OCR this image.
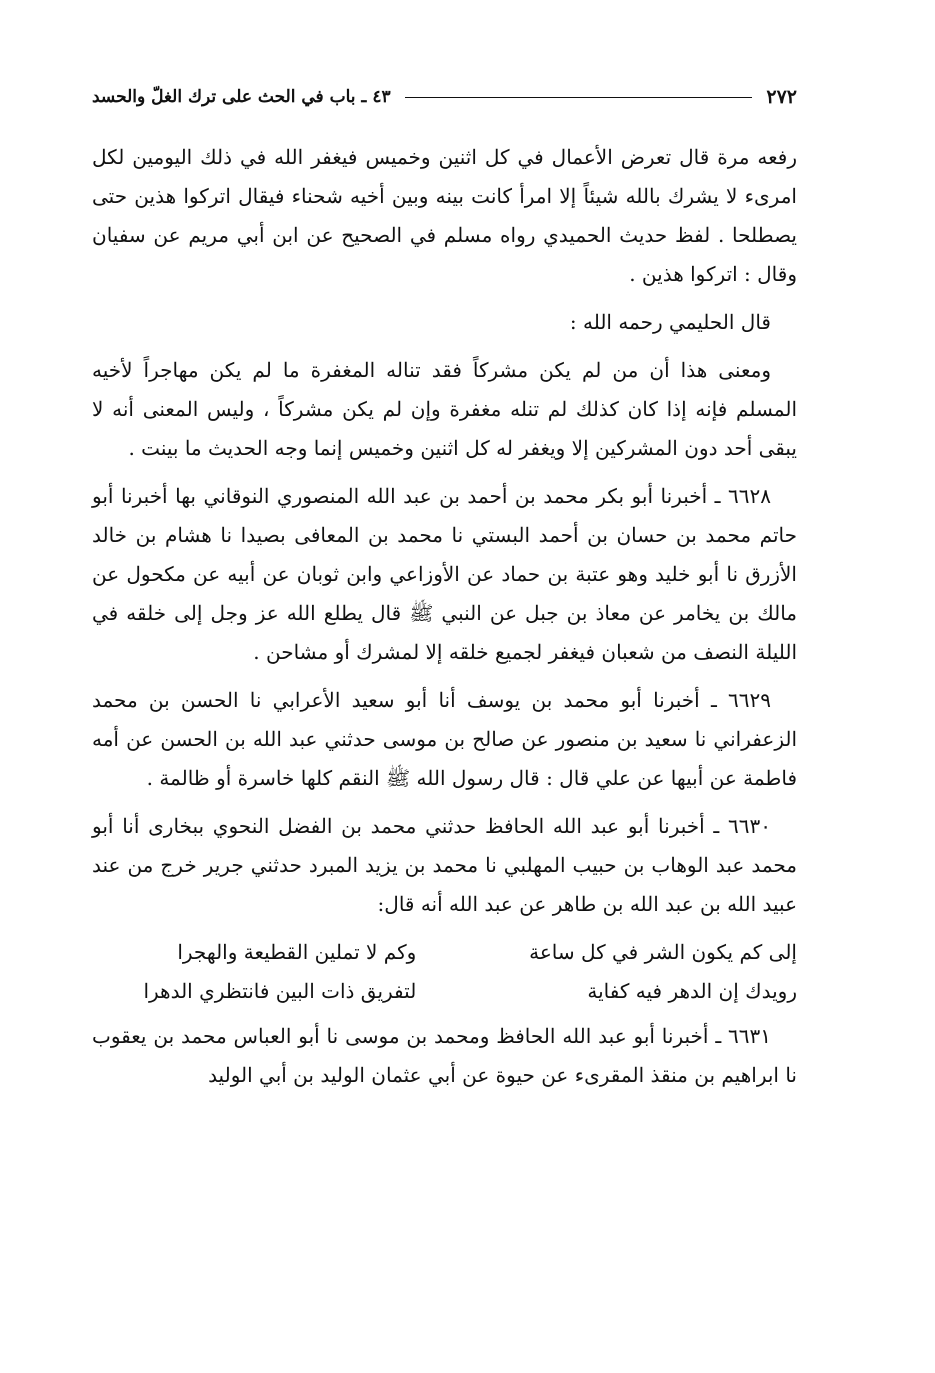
٢٧٢
٤٣ ـ باب في الحث على ترك الغلّ والحسد

رفعه مرة قال تعرض الأعمال في كل اثنين وخميس فيغفر الله في ذلك اليومين لكل امرىء لا يشرك بالله شيئاً إلا امرأ كانت بينه وبين أخيه شحناء فيقال اتركوا هذين حتى يصطلحا . لفظ حديث الحميدي رواه مسلم في الصحيح عن ابن أبي مريم عن سفيان وقال : اتركوا هذين .

قال الحليمي رحمه الله :

ومعنى هذا أن من لم يكن مشركاً فقد تناله المغفرة ما لم يكن مهاجراً لأخيه المسلم فإنه إذا كان كذلك لم تنله مغفرة وإن لم يكن مشركاً ، وليس المعنى أنه لا يبقى أحد دون المشركين إلا ويغفر له كل اثنين وخميس إنما وجه الحديث ما بينت .

٦٦٢٨ ـ أخبرنا أبو بكر محمد بن أحمد بن عبد الله المنصوري النوقاني بها أخبرنا أبو حاتم محمد بن حسان بن أحمد البستي نا محمد بن المعافى بصيدا نا هشام بن خالد الأزرق نا أبو خليد وهو عتبة بن حماد عن الأوزاعي وابن ثوبان عن أبيه عن مكحول عن مالك بن يخامر عن معاذ بن جبل عن النبي ﷺ قال يطلع الله عز وجل إلى خلقه في الليلة النصف من شعبان فيغفر لجميع خلقه إلا لمشرك أو مشاحن .

٦٦٢٩ ـ أخبرنا أبو محمد بن يوسف أنا أبو سعيد الأعرابي نا الحسن بن محمد الزعفراني نا سعيد بن منصور عن صالح بن موسى حدثني عبد الله بن الحسن عن أمه فاطمة عن أبيها عن علي قال : قال رسول الله ﷺ النقم كلها خاسرة أو ظالمة .

٦٦٣٠ ـ أخبرنا أبو عبد الله الحافظ حدثني محمد بن الفضل النحوي ببخارى أنا أبو محمد عبد الوهاب بن حبيب المهلبي نا محمد بن يزيد المبرد حدثني جرير خرج من عند عبيد الله بن عبد الله بن طاهر عن عبد الله أنه قال:

إلى كم يكون الشر في كل ساعة
وكم لا تملين القطيعة والهجرا
رويدك إن الدهر فيه كفاية
لتفريق ذات البين فانتظري الدهرا

٦٦٣١ ـ أخبرنا أبو عبد الله الحافظ ومحمد بن موسى نا أبو العباس محمد بن يعقوب نا ابراهيم بن منقذ المقرىء عن حيوة عن أبي عثمان الوليد بن أبي الوليد
